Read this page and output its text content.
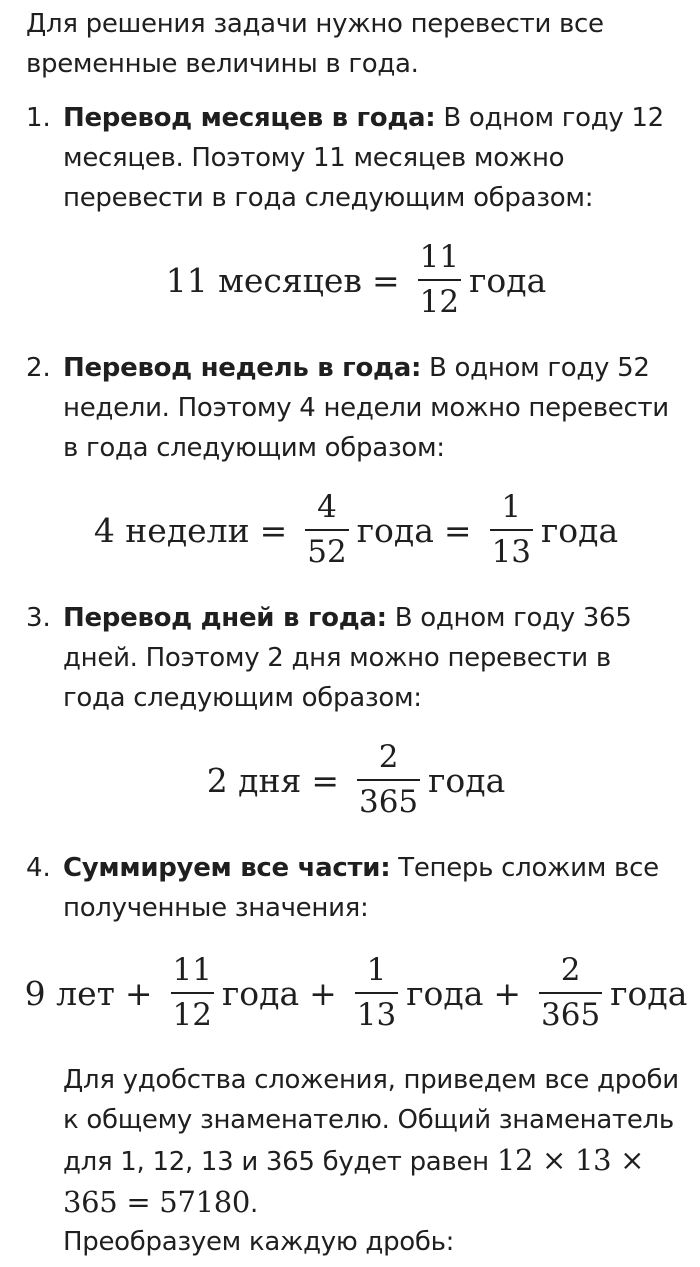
Для решения задачи нужно перевести все временные величины в года.

1. Перевод месяцев в года: В одном году 12 месяцев. Поэтому 11 месяцев можно перевести в года следующим образом:
11 месяцев = $\frac{11}{12}$ года
2. Перевод недель в года: В одном году 52 недели. Поэтому 4 недели можно перевести в года следующим образом:
4 недели = $\frac{4}{52}$ года = $\frac{1}{13}$ года
3. Перевод дней в года: В одном году 365 дней. Поэтому 2 дня можно перевести в года следующим образом:
2 дня = $\frac{2}{365}$ года
4. Суммируем все части: Теперь сложим все полученные значения:
9 лет + $\frac{11}{12}$ года + $\frac{1}{13}$ года + $\frac{2}{365}$ года

Для удобства сложения, приведем все дроби к общему знаменателю. Общий знаменатель для 1, 12, 13 и 365 будет равен 12 × 13 ×
365 = 57180.

Преобразуем каждую дробь:
